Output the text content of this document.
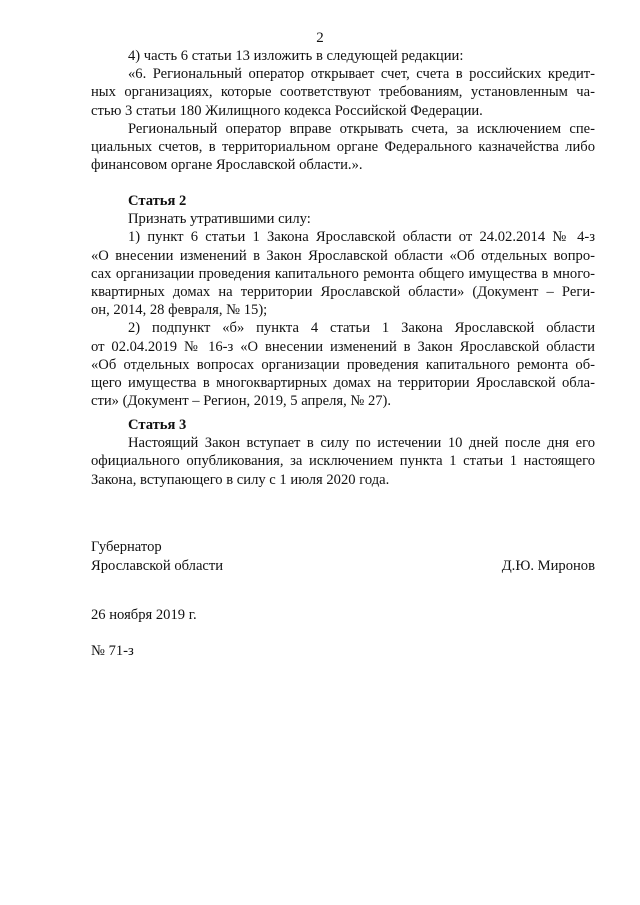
2
4) часть 6 статьи 13 изложить в следующей редакции:
«6. Региональный оператор открывает счет, счета в российских кредит-
ных организациях, которые соответствуют требованиям, установленным ча-
стью 3 статьи 180 Жилищного кодекса Российской Федерации.
Региональный оператор вправе открывать счета, за исключением спе-
циальных счетов, в территориальном органе Федерального казначейства либо
финансовом органе Ярославской области.».
Статья 2
Признать утратившими силу:
1) пункт 6 статьи 1 Закона Ярославской области от 24.02.2014 № 4-з
«О внесении изменений в Закон Ярославской области «Об отдельных вопро-
сах организации проведения капитального ремонта общего имущества в много-
квартирных домах на территории Ярославской области» (Документ – Реги-
он, 2014, 28 февраля, № 15);
2) подпункт «б» пункта 4 статьи 1 Закона Ярославской области
от 02.04.2019 № 16-з «О внесении изменений в Закон Ярославской области
«Об отдельных вопросах организации проведения капитального ремонта об-
щего имущества в многоквартирных домах на территории Ярославской обла-
сти» (Документ – Регион, 2019, 5 апреля, № 27).
Статья 3
Настоящий Закон вступает в силу по истечении 10 дней после дня его
официального опубликования, за исключением пункта 1 статьи 1 настоящего
Закона, вступающего в силу с 1 июля 2020 года.
Губернатор
Ярославской области	Д.Ю. Миронов
26 ноября 2019 г.
№ 71-з
